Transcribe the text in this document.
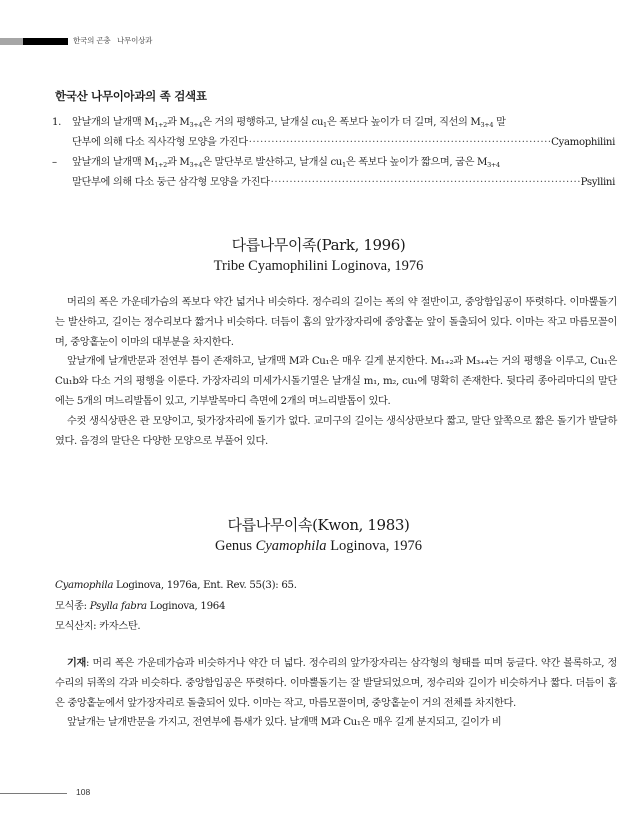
한국의 곤충 나무이상과
한국산 나무이아과의 족 검색표
1. 앞날개의 날개맥 $M_{1+2}$과 $M_{3+4}$은 거의 평행하고, 날개실 $cu_1$은 폭보다 높이가 더 길며, 직선의 $M_{3+4}$ 말
단부에 의해 다소 직사각형 모양을 가진다 ·····	Cyamophilini
– 앞날개의 날개맥 $M_{1+2}$과 $M_{3+4}$은 말단부로 발산하고, 날개실 $cu_1$은 폭보다 높이가 짧으며, 굽은 $M_{3+4}$
말단부에 의해 다소 둥근 삼각형 모양을 가진다 ·····	Psyllini
다릅나무이족(Park, 1996)
Tribe Cyamophilini Loginova, 1976

머리의 폭은 가운데가슴의 폭보다 약간 넓거나 비슷하다. 정수리의 길이는 폭의 약 절반이고, 중앙함입공이 뚜렷하다. 이마뿔돌기는 발산하고, 길이는 정수리보다 짧거나 비슷하다. 더듬이 홈의 앞가장자리에 중앙홑눈 앞이 돌출되어 있다. 이마는 작고 마름모꼴이며, 중앙홑눈이 이마의 대부분을 차지한다.

앞날개에 날개반문과 전연부 틈이 존재하고, 날개맥 M과 Cu₁은 매우 길게 분지한다. M₁₊₂과 M₃₊₄는 거의 평행을 이루고, Cu₁은 Cu₁b와 다소 거의 평행을 이룬다. 가장자리의 미세가시돌기열은 날개실 m₁, m₂, cu₁에 명확히 존재한다. 뒷다리 종아리마디의 말단에는 5개의 며느리발톱이 있고, 기부발목마디 측면에 2개의 며느리발톱이 있다.

수컷 생식상판은 관 모양이고, 뒷가장자리에 돌기가 없다. 교미구의 길이는 생식상판보다 짧고, 말단 앞쪽으로 짧은 돌기가 발달하였다. 음경의 말단은 다양한 모양으로 부풀어 있다.

다릅나무이속(Kwon, 1983)
Genus Cyamophila Loginova, 1976
Cyamophila Loginova, 1976a, Ent. Rev. 55(3): 65.
모식종: Psylla fabra Loginova, 1964
모식산지: 카자스탄.

기재: 머리 폭은 가운데가슴과 비슷하거나 약간 더 넓다. 정수리의 앞가장자리는 삼각형의 형태를 띠며 둥글다. 약간 볼록하고, 정수리의 뒤쪽의 각과 비슷하다. 중앙함입공은 뚜렷하다. 이마뿔돌기는 잘 발달되었으며, 정수리와 길이가 비슷하거나 짧다. 더듬이 홈은 중앙홑눈에서 앞가장자리로 돌출되어 있다. 이마는 작고, 마름모꼴이며, 중앙홑눈이 거의 전체를 차지한다.

앞날개는 날개반문을 가지고, 전연부에 틈새가 있다. 날개맥 M과 Cu₁은 매우 길게 분지되고, 길이가 비

108
